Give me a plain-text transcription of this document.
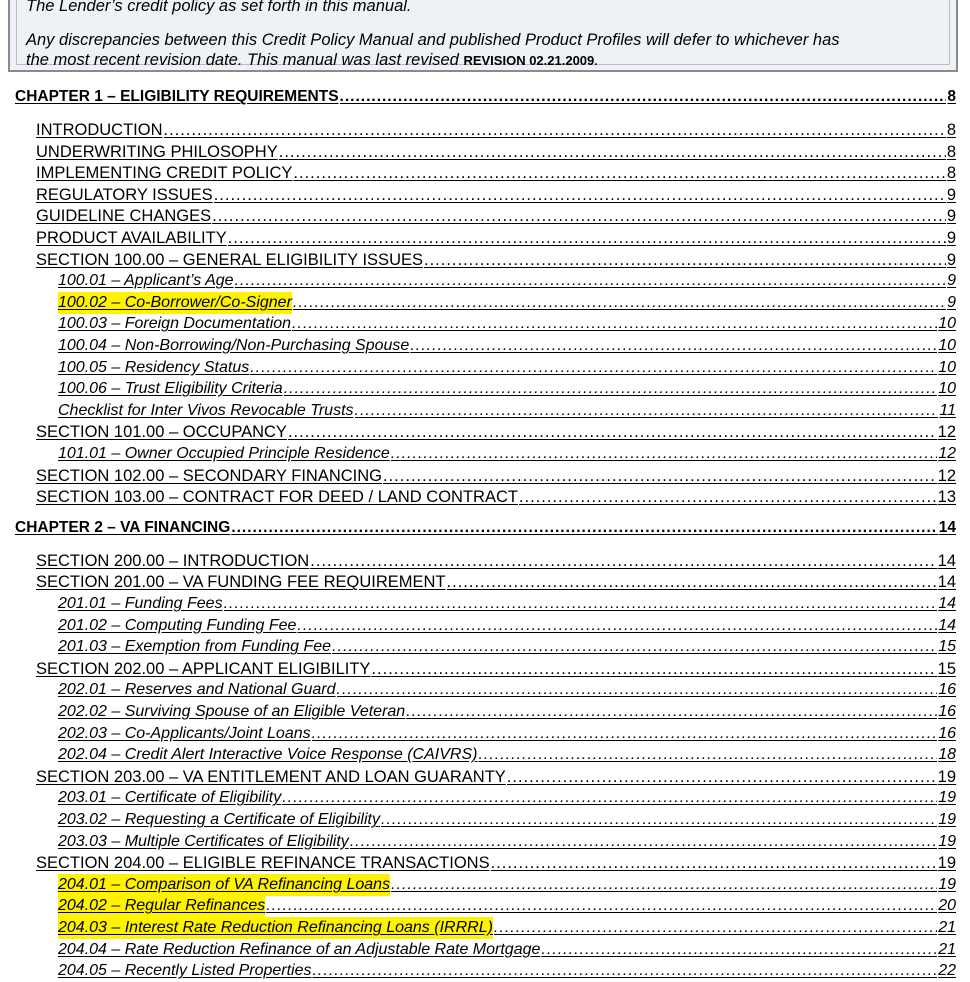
The Lender’s credit policy as set forth in this manual.

Any discrepancies between this Credit Policy Manual and published Product Profiles will defer to whichever has

the most recent revision date. This manual was last revised REVISION 02.21.2009.

CHAPTER 1 – ELIGIBILITY REQUIREMENTS .....	8
INTRODUCTION .....	8
UNDERWRITING PHILOSOPHY .....	8
IMPLEMENTING CREDIT POLICY .....	8
REGULATORY ISSUES .....	9
GUIDELINE CHANGES .....	9
PRODUCT AVAILABILITY .....	9
SECTION 100.00 – GENERAL ELIGIBILITY ISSUES .....	9
100.01 – Applicant’s Age .....	9
100.02 – Co-Borrower/Co-Signer .....	9
100.03 – Foreign Documentation .....	10
100.04 – Non-Borrowing/Non-Purchasing Spouse .....	10
100.05 – Residency Status .....	10
100.06 – Trust Eligibility Criteria .....	10
Checklist for Inter Vivos Revocable Trusts .....	11
SECTION 101.00 – OCCUPANCY .....	12
101.01 – Owner Occupied Principle Residence .....	12
SECTION 102.00 – SECONDARY FINANCING .....	12
SECTION 103.00 – CONTRACT FOR DEED / LAND CONTRACT .....	13
CHAPTER 2 – VA FINANCING .....	14
SECTION 200.00 – INTRODUCTION .....	14
SECTION 201.00 – VA FUNDING FEE REQUIREMENT .....	14
201.01 – Funding Fees .....	14
201.02 – Computing Funding Fee .....	14
201.03 – Exemption from Funding Fee .....	15
SECTION 202.00 – APPLICANT ELIGIBILITY .....	15
202.01 – Reserves and National Guard .....	16
202.02 – Surviving Spouse of an Eligible Veteran .....	16
202.03 – Co-Applicants/Joint Loans .....	16
202.04 – Credit Alert Interactive Voice Response (CAIVRS) .....	18
SECTION 203.00 – VA ENTITLEMENT AND LOAN GUARANTY .....	19
203.01 – Certificate of Eligibility .....	19
203.02 – Requesting a Certificate of Eligibility .....	19
203.03 – Multiple Certificates of Eligibility .....	19
SECTION 204.00 – ELIGIBLE REFINANCE TRANSACTIONS .....	19
204.01 – Comparison of VA Refinancing Loans .....	19
204.02 – Regular Refinances .....	20
204.03 – Interest Rate Reduction Refinancing Loans (IRRRL) .....	21
204.04 – Rate Reduction Refinance of an Adjustable Rate Mortgage .....	21
204.05 – Recently Listed Properties .....	22
